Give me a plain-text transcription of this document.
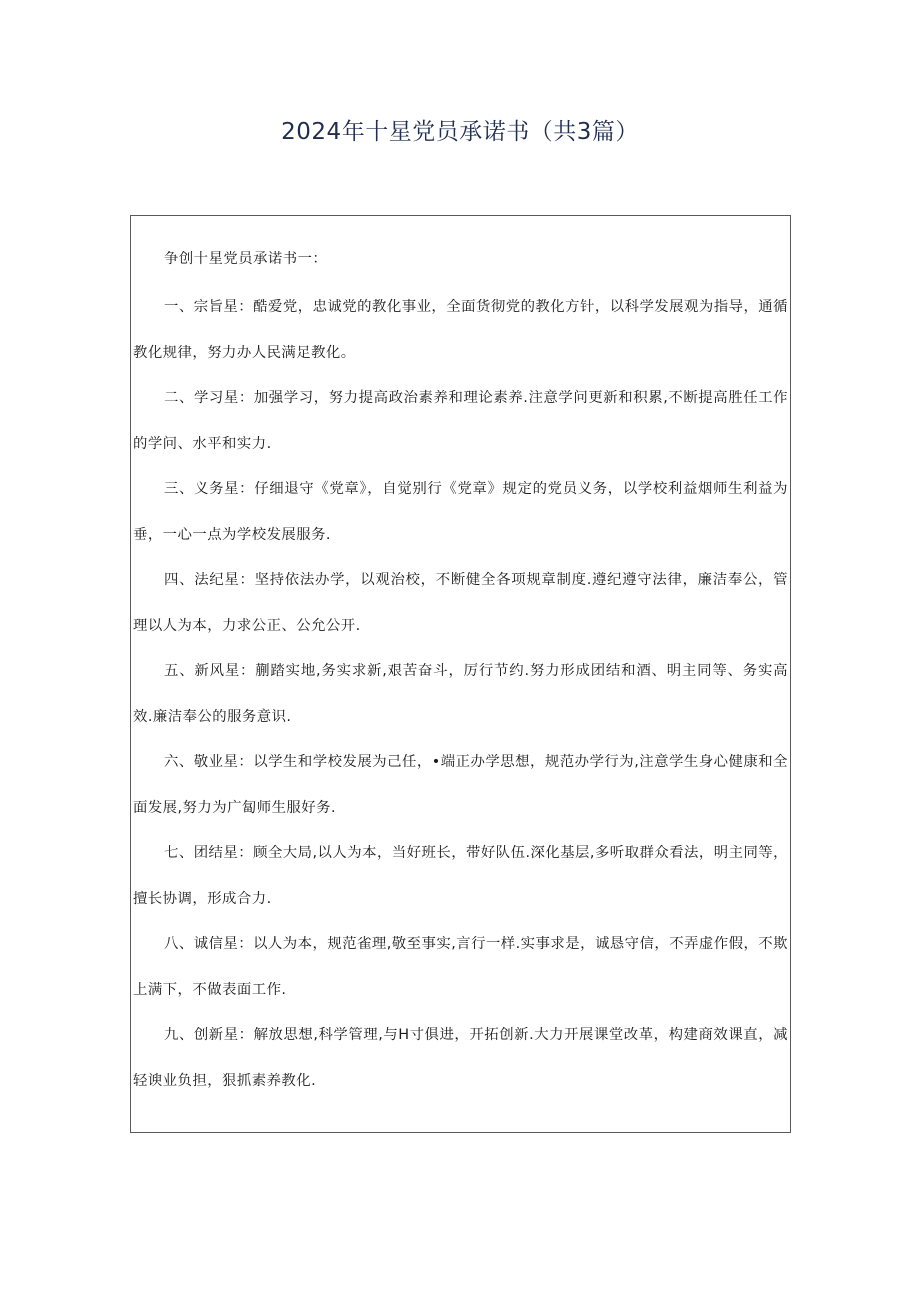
2024年十星党员承诺书（共3篇）

争创十星党员承诺书一：

一、宗旨星：酷爱党，忠诚党的教化事业，全面货彻党的教化方针，以科学发展观为指导，通循教化规律，努力办人民满足教化。

二、学习星：加强学习，努力提高政治素养和理论素养.注意学问更新和积累,不断提高胜任工作的学问、水平和实力.

三、义务星：仔细退守《党章》，自觉别行《党章》规定的党员义务，以学校利益烟师生利益为垂，一心一点为学校发展服务.

四、法纪星：坚持依法办学，以观治校，不断健全各项规章制度.遵纪遵守法律，廉洁奉公，管理以人为本，力求公正、公允公开.

五、新风星：蒯踏实地,务实求新,艰苦奋斗，厉行节约.努力形成团结和酒、明主同等、务实高效.廉洁奉公的服务意识.

六、敬业星：以学生和学校发展为己任，•端正办学思想，规范办学行为,注意学生身心健康和全面发展,努力为广匐师生服好务.

七、团结星：顾全大局,以人为本，当好班长，带好队伍.深化基层,多听取群众看法，明主同等，擅长协调，形成合力.

八、诚信星：以人为本，规范雀理,敬至事实,言行一样.实事求是，诚恳守信，不弄虚作假，不欺上满下，不做表面工作.

九、创新星：解放思想,科学管理,与H寸俱进，开拓创新.大力开展课堂改革，构建商效课直，减轻谀业负担，狠抓素养教化.
